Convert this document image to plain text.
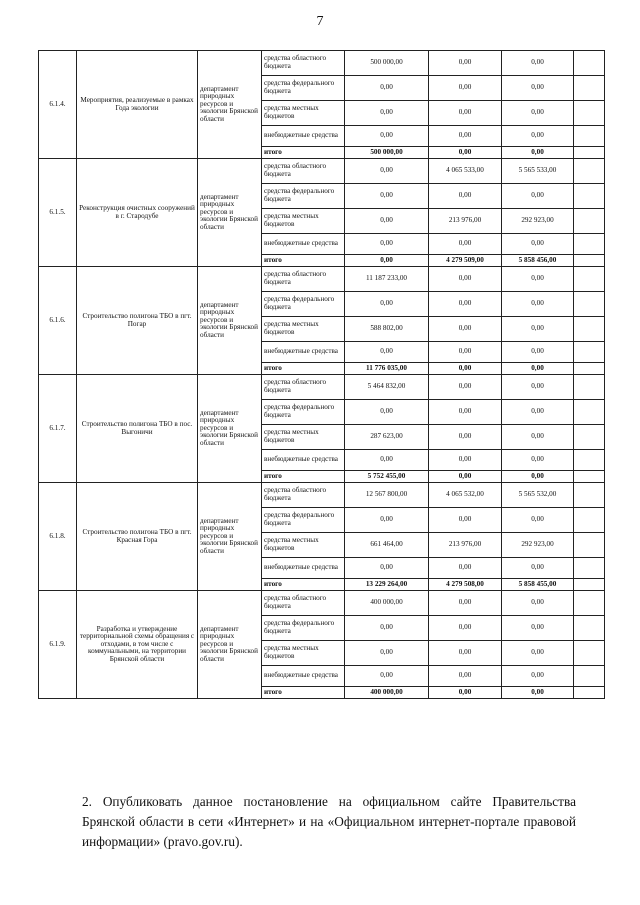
7
6.1.4.	Мероприятия, реализуемые в рамках Года экологии	департамент природных ресурсов и экологии Брянской области	средства областного бюджета	500 000,00	0,00	0,00	
			средства федерального бюджета	0,00	0,00	0,00	
			средства местных бюджетов	0,00	0,00	0,00	
			внебюджетные средства	0,00	0,00	0,00	
			итого	500 000,00	0,00	0,00	
6.1.5.	Реконструкция очистных сооружений в г. Стародубе	департамент природных ресурсов и экологии Брянской области	средства областного бюджета	0,00	4 065 533,00	5 565 533,00	
			средства федерального бюджета	0,00	0,00	0,00	
			средства местных бюджетов	0,00	213 976,00	292 923,00	
			внебюджетные средства	0,00	0,00	0,00	
			итого	0,00	4 279 509,00	5 858 456,00	
6.1.6.	Строительство полигона ТБО в пгт. Погар	департамент природных ресурсов и экологии Брянской области	средства областного бюджета	11 187 233,00	0,00	0,00	
			средства федерального бюджета	0,00	0,00	0,00	
			средства местных бюджетов	588 802,00	0,00	0,00	
			внебюджетные средства	0,00	0,00	0,00	
			итого	11 776 035,00	0,00	0,00	
6.1.7.	Строительство полигона ТБО в пос. Выгоничи	департамент природных ресурсов и экологии Брянской области	средства областного бюджета	5 464 832,00	0,00	0,00	
			средства федерального бюджета	0,00	0,00	0,00	
			средства местных бюджетов	287 623,00	0,00	0,00	
			внебюджетные средства	0,00	0,00	0,00	
			итого	5 752 455,00	0,00	0,00	
6.1.8.	Строительство полигона ТБО в пгт. Красная Гора	департамент природных ресурсов и экологии Брянской области	средства областного бюджета	12 567 800,00	4 065 532,00	5 565 532,00	
			средства федерального бюджета	0,00	0,00	0,00	
			средства местных бюджетов	661 464,00	213 976,00	292 923,00	
			внебюджетные средства	0,00	0,00	0,00	
			итого	13 229 264,00	4 279 508,00	5 858 455,00	
6.1.9.	Разработка и утверждение территориальной схемы обращения с отходами, в том числе с коммунальными, на территории Брянской области	департамент природных ресурсов и экологии Брянской области	средства областного бюджета	400 000,00	0,00	0,00	
			средства федерального бюджета	0,00	0,00	0,00	
			средства местных бюджетов	0,00	0,00	0,00	
			внебюджетные средства	0,00	0,00	0,00	
			итого	400 000,00	0,00	0,00	
2. Опубликовать данное постановление на официальном сайте Правительства Брянской области в сети «Интернет» и на «Официальном интернет-портале правовой информации» (pravo.gov.ru).
